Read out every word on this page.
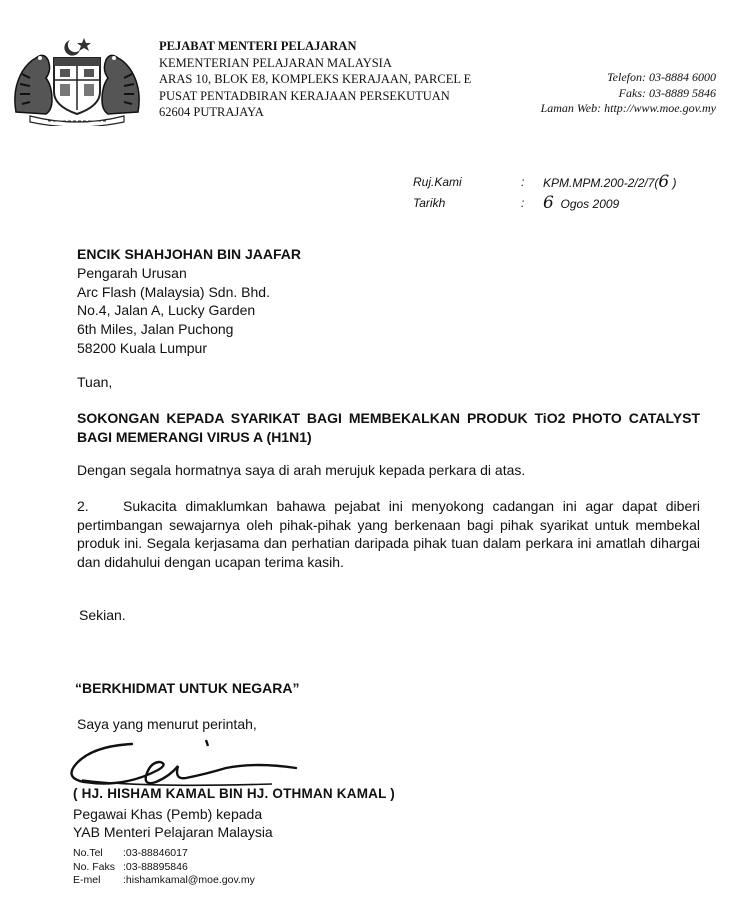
PEJABAT MENTERI PELAJARAN
KEMENTERIAN PELAJARAN MALAYSIA
ARAS 10, BLOK E8, KOMPLEKS KERAJAAN, PARCEL E
PUSAT PENTADBIRAN KERAJAAN PERSEKUTUAN
62604 PUTRAJAYA
Telefon: 03-8884 6000
Faks: 03-8889 5846
Laman Web: http://www.moe.gov.my
Ruj.Kami	:	KPM.MPM.200-2/2/7(6 )
Tarikh	:	6 Ogos 2009
ENCIK SHAHJOHAN BIN JAAFAR
Pengarah Urusan
Arc Flash (Malaysia) Sdn. Bhd.
No.4, Jalan A, Lucky Garden
6th Miles, Jalan Puchong
58200 Kuala Lumpur
Tuan,
SOKONGAN KEPADA SYARIKAT BAGI MEMBEKALKAN PRODUK TiO2 PHOTO CATALYST BAGI MEMERANGI VIRUS A (H1N1)
Dengan segala hormatnya saya di arah merujuk kepada perkara di atas.
2. Sukacita dimaklumkan bahawa pejabat ini menyokong cadangan ini agar dapat diberi pertimbangan sewajarnya oleh pihak-pihak yang berkenaan bagi pihak syarikat untuk membekal produk ini. Segala kerjasama dan perhatian daripada pihak tuan dalam perkara ini amatlah dihargai dan didahului dengan ucapan terima kasih.
Sekian.
“BERKHIDMAT UNTUK NEGARA”
Saya yang menurut perintah,
( HJ. HISHAM KAMAL BIN HJ. OTHMAN KAMAL )
Pegawai Khas (Pemb) kepada
YAB Menteri Pelajaran Malaysia
No.Tel	:03-88846017
No. Faks :03-88895846
E-mel	:hishamkamal@moe.gov.my
